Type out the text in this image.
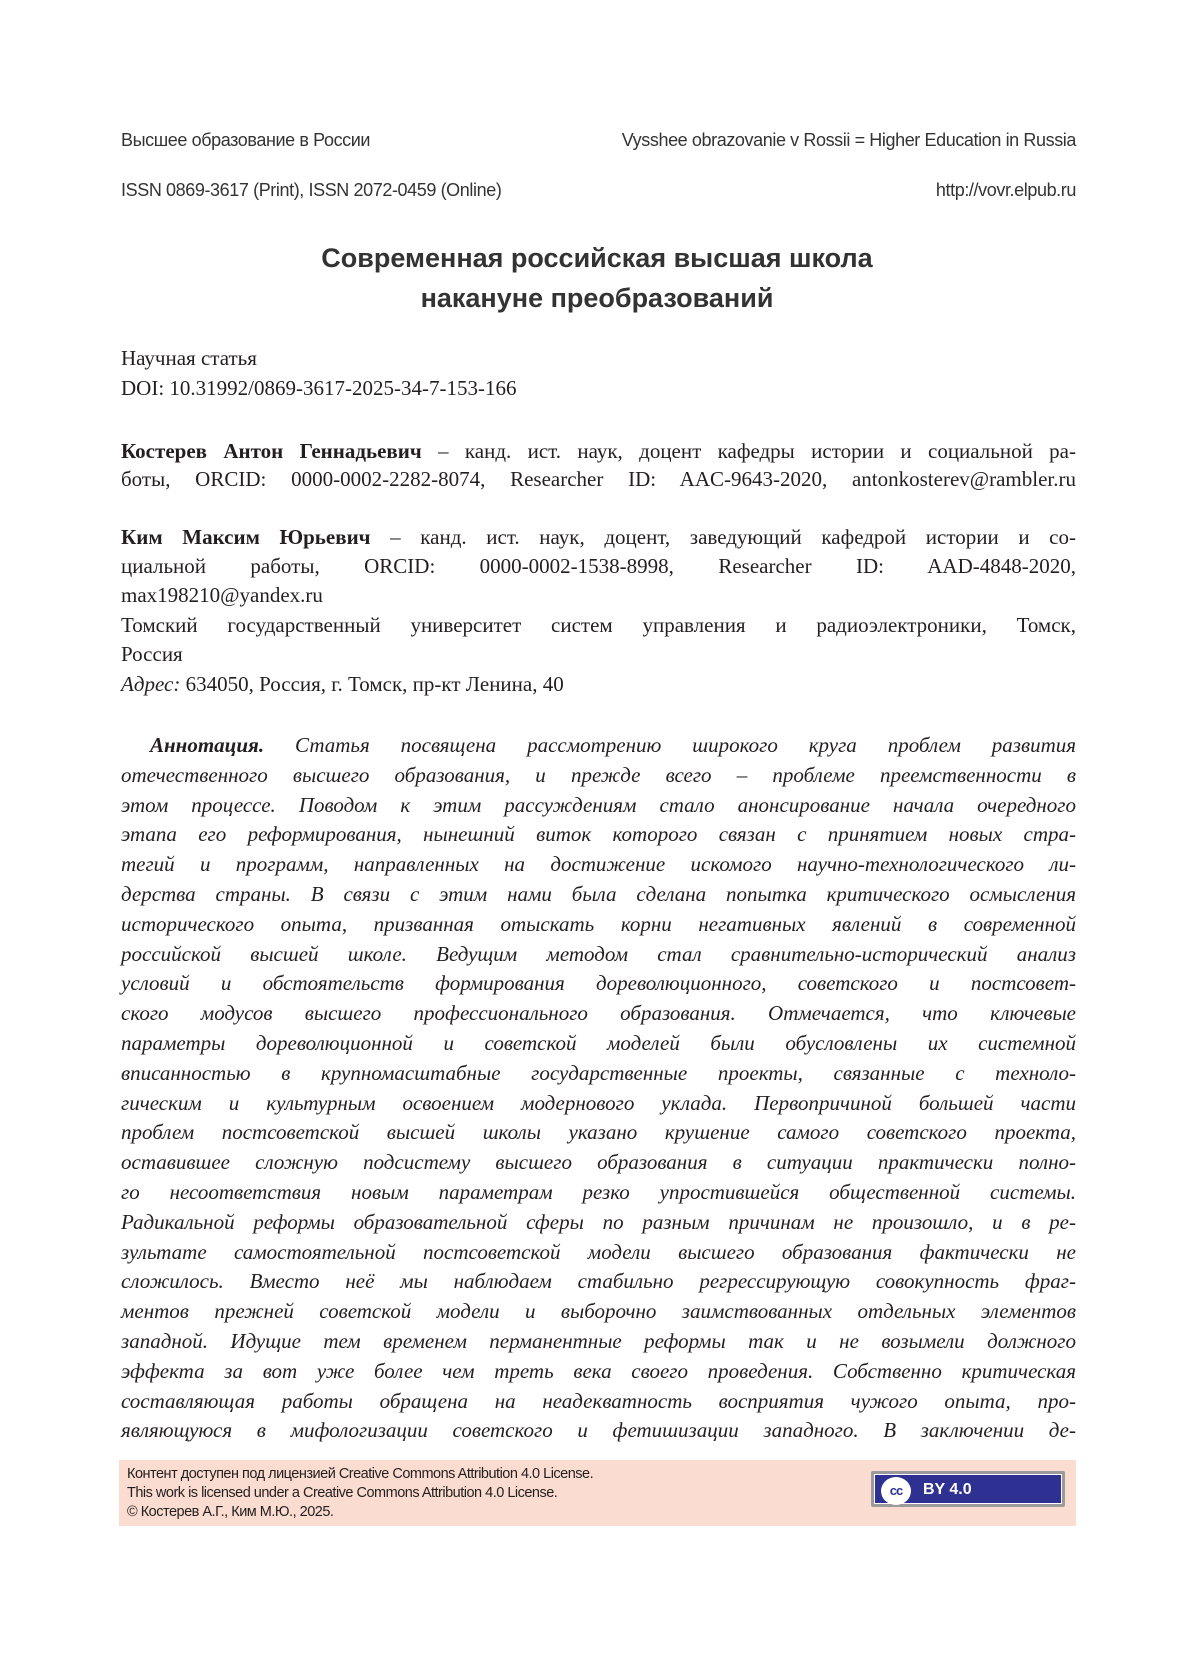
Высшее образование в России	Vysshee obrazovanie v Rossii = Higher Education in Russia
ISSN 0869-3617 (Print), ISSN 2072-0459 (Online)	http://vovr.elpub.ru
Современная российская высшая школа
накануне преобразований
Научная статья
DOI: 10.31992/0869-3617-2025-34-7-153-166
Костерев Антон Геннадьевич – канд. ист. наук, доцент кафедры истории и социальной ра-
боты, ORCID: 0000-0002-2282-8074, Researcher ID: AAC-9643-2020, antonkosterev@rambler.ru
Ким Максим Юрьевич – канд. ист. наук, доцент, заведующий кафедрой истории и со-
циальной работы, ORCID: 0000-0002-1538-8998, Researcher ID: AAD-4848-2020,
max198210@yandex.ru
Томский государственный университет систем управления и радиоэлектроники, Томск,
Россия
Адрес: 634050, Россия, г. Томск, пр-кт Ленина, 40
Аннотация. Статья посвящена рассмотрению широкого круга проблем развития
отечественного высшего образования, и прежде всего – проблеме преемственности в
этом процессе. Поводом к этим рассуждениям стало анонсирование начала очередного
этапа его реформирования, нынешний виток которого связан с принятием новых стра-
тегий и программ, направленных на достижение искомого научно-технологического ли-
дерства страны. В связи с этим нами была сделана попытка критического осмысления
исторического опыта, призванная отыскать корни негативных явлений в современной
российской высшей школе. Ведущим методом стал сравнительно-исторический анализ
условий и обстоятельств формирования дореволюционного, советского и постсовет-
ского модусов высшего профессионального образования. Отмечается, что ключевые
параметры дореволюционной и советской моделей были обусловлены их системной
вписанностью в крупномасштабные государственные проекты, связанные с техноло-
гическим и культурным освоением модернового уклада. Первопричиной большей части
проблем постсоветской высшей школы указано крушение самого советского проекта,
оставившее сложную подсистему высшего образования в ситуации практически полно-
го несоответствия новым параметрам резко упростившейся общественной системы.
Радикальной реформы образовательной сферы по разным причинам не произошло, и в ре-
зультате самостоятельной постсоветской модели высшего образования фактически не
сложилось. Вместо неё мы наблюдаем стабильно регрессирующую совокупность фраг-
ментов прежней советской модели и выборочно заимствованных отдельных элементов
западной. Идущие тем временем перманентные реформы так и не возымели должного
эффекта за вот уже более чем треть века своего проведения. Собственно критическая
составляющая работы обращена на неадекватность восприятия чужого опыта, про-
являющуюся в мифологизации советского и фетишизации западного. В заключении де-
Контент доступен под лицензией Creative Commons Attribution 4.0 License.
This work is licensed under a Creative Commons Attribution 4.0 License.
© Костерев А.Г., Ким М.Ю., 2025.
cc	BY 4.0
